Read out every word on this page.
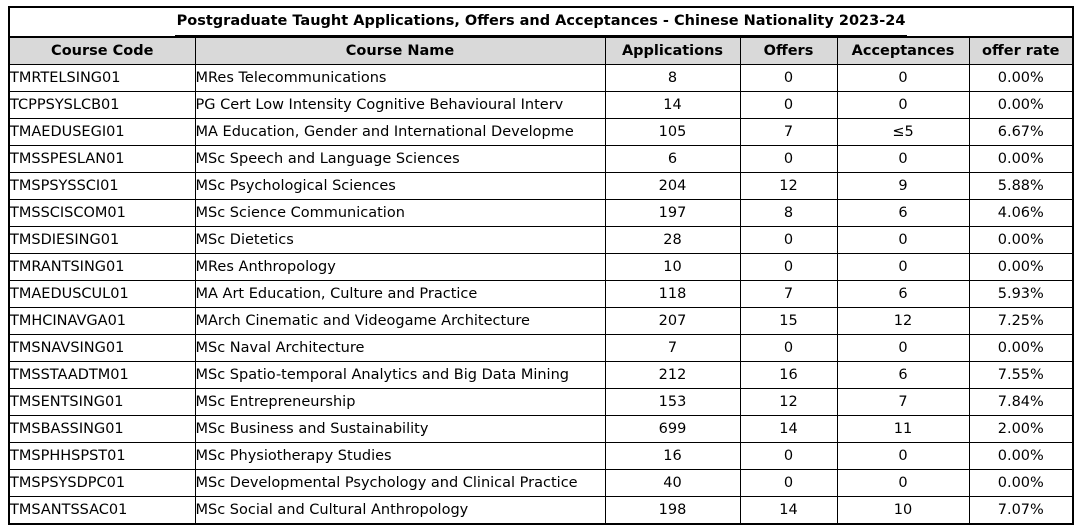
Postgraduate Taught Applications, Offers and Acceptances - Chinese Nationality 2023-24					
Course Code	Course Name	Applications	Offers	Acceptances	offer rate
TMRTELSING01	MRes Telecommunications	8	0	0	0.00%
TCPPSYSLCB01	PG Cert Low Intensity Cognitive Behavioural Interv	14	0	0	0.00%
TMAEDUSEGI01	MA Education, Gender and International Developme	105	7	≤5	6.67%
TMSSPESLAN01	MSc Speech and Language Sciences	6	0	0	0.00%
TMSPSYSSCI01	MSc Psychological Sciences	204	12	9	5.88%
TMSSCISCOM01	MSc Science Communication	197	8	6	4.06%
TMSDIESING01	MSc Dietetics	28	0	0	0.00%
TMRANTSING01	MRes Anthropology	10	0	0	0.00%
TMAEDUSCUL01	MA Art Education, Culture and Practice	118	7	6	5.93%
TMHCINAVGA01	MArch Cinematic and Videogame Architecture	207	15	12	7.25%
TMSNAVSING01	MSc Naval Architecture	7	0	0	0.00%
TMSSTAADTM01	MSc Spatio-temporal Analytics and Big Data Mining	212	16	6	7.55%
TMSENTSING01	MSc Entrepreneurship	153	12	7	7.84%
TMSBASSING01	MSc Business and Sustainability	699	14	11	2.00%
TMSPHHSPST01	MSc Physiotherapy Studies	16	0	0	0.00%
TMSPSYSDPC01	MSc Developmental Psychology and Clinical Practice	40	0	0	0.00%
TMSANTSSAC01	MSc Social and Cultural Anthropology	198	14	10	7.07%
